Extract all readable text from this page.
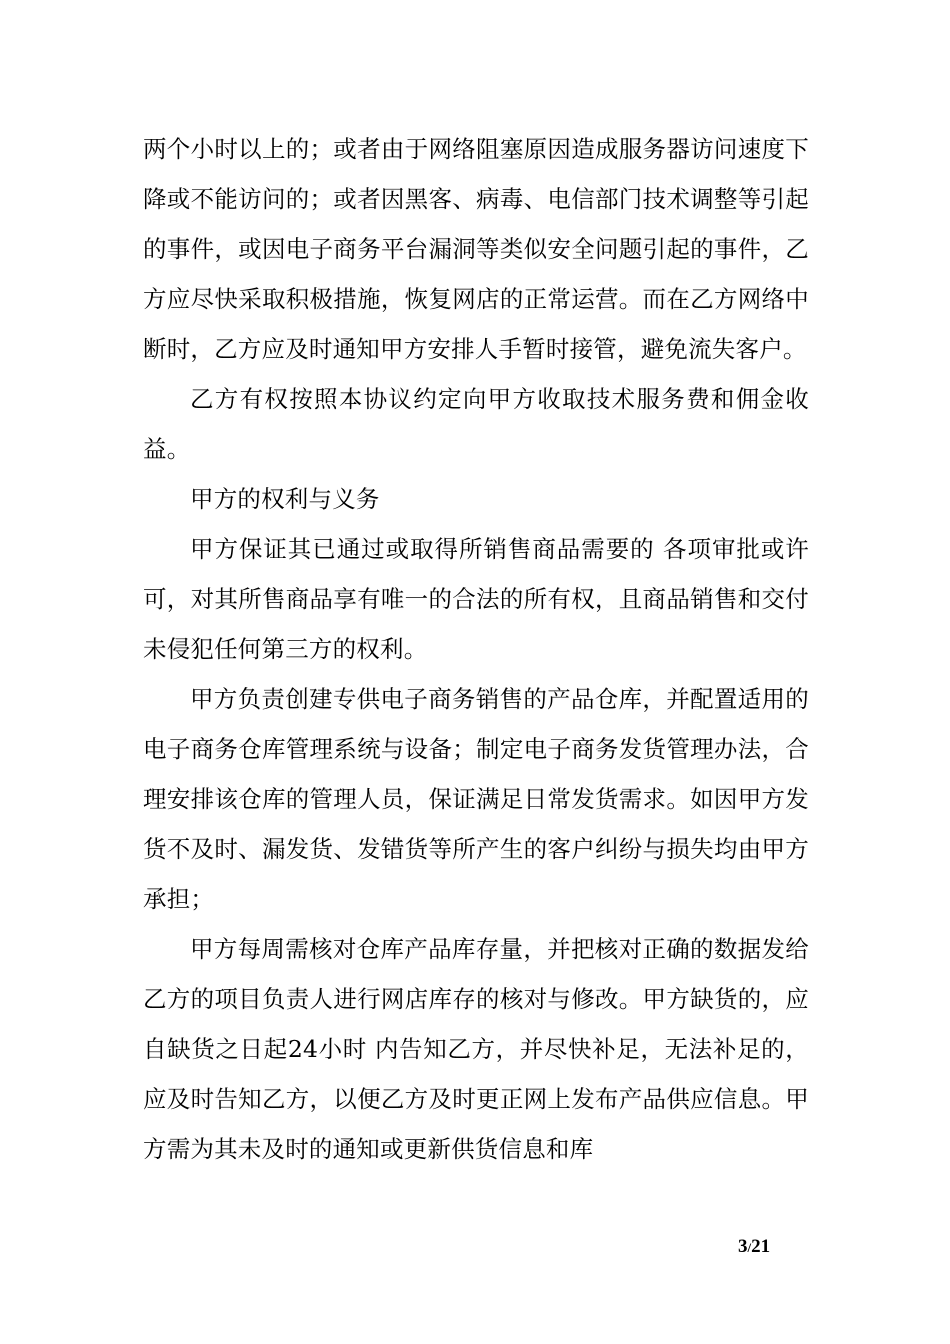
两个小时以上的；或者由于网络阻塞原因造成服务器访问速度下降或不能访问的；或者因黑客、病毒、电信部门技术调整等引起的事件，或因电子商务平台漏洞等类似安全问题引起的事件，乙方应尽快采取积极措施，恢复网店的正常运营。而在乙方网络中断时，乙方应及时通知甲方安排人手暂时接管，避免流失客户。

乙方有权按照本协议约定向甲方收取技术服务费和佣金收益。

甲方的权利与义务

甲方保证其已通过或取得所销售商品需要的 各项审批或许可，对其所售商品享有唯一的合法的所有权，且商品销售和交付未侵犯任何第三方的权利。

甲方负责创建专供电子商务销售的产品仓库，并配置适用的电子商务仓库管理系统与设备；制定电子商务发货管理办法，合理安排该仓库的管理人员，保证满足日常发货需求。如因甲方发货不及时、漏发货、发错货等所产生的客户纠纷与损失均由甲方承担；

甲方每周需核对仓库产品库存量，并把核对正确的数据发给乙方的项目负责人进行网店库存的核对与修改。甲方缺货的，应自缺货之日起24小时 内告知乙方，并尽快补足，无法补足的，应及时告知乙方，以便乙方及时更正网上发布产品供应信息。甲方需为其未及时的通知或更新供货信息和库

3/21
